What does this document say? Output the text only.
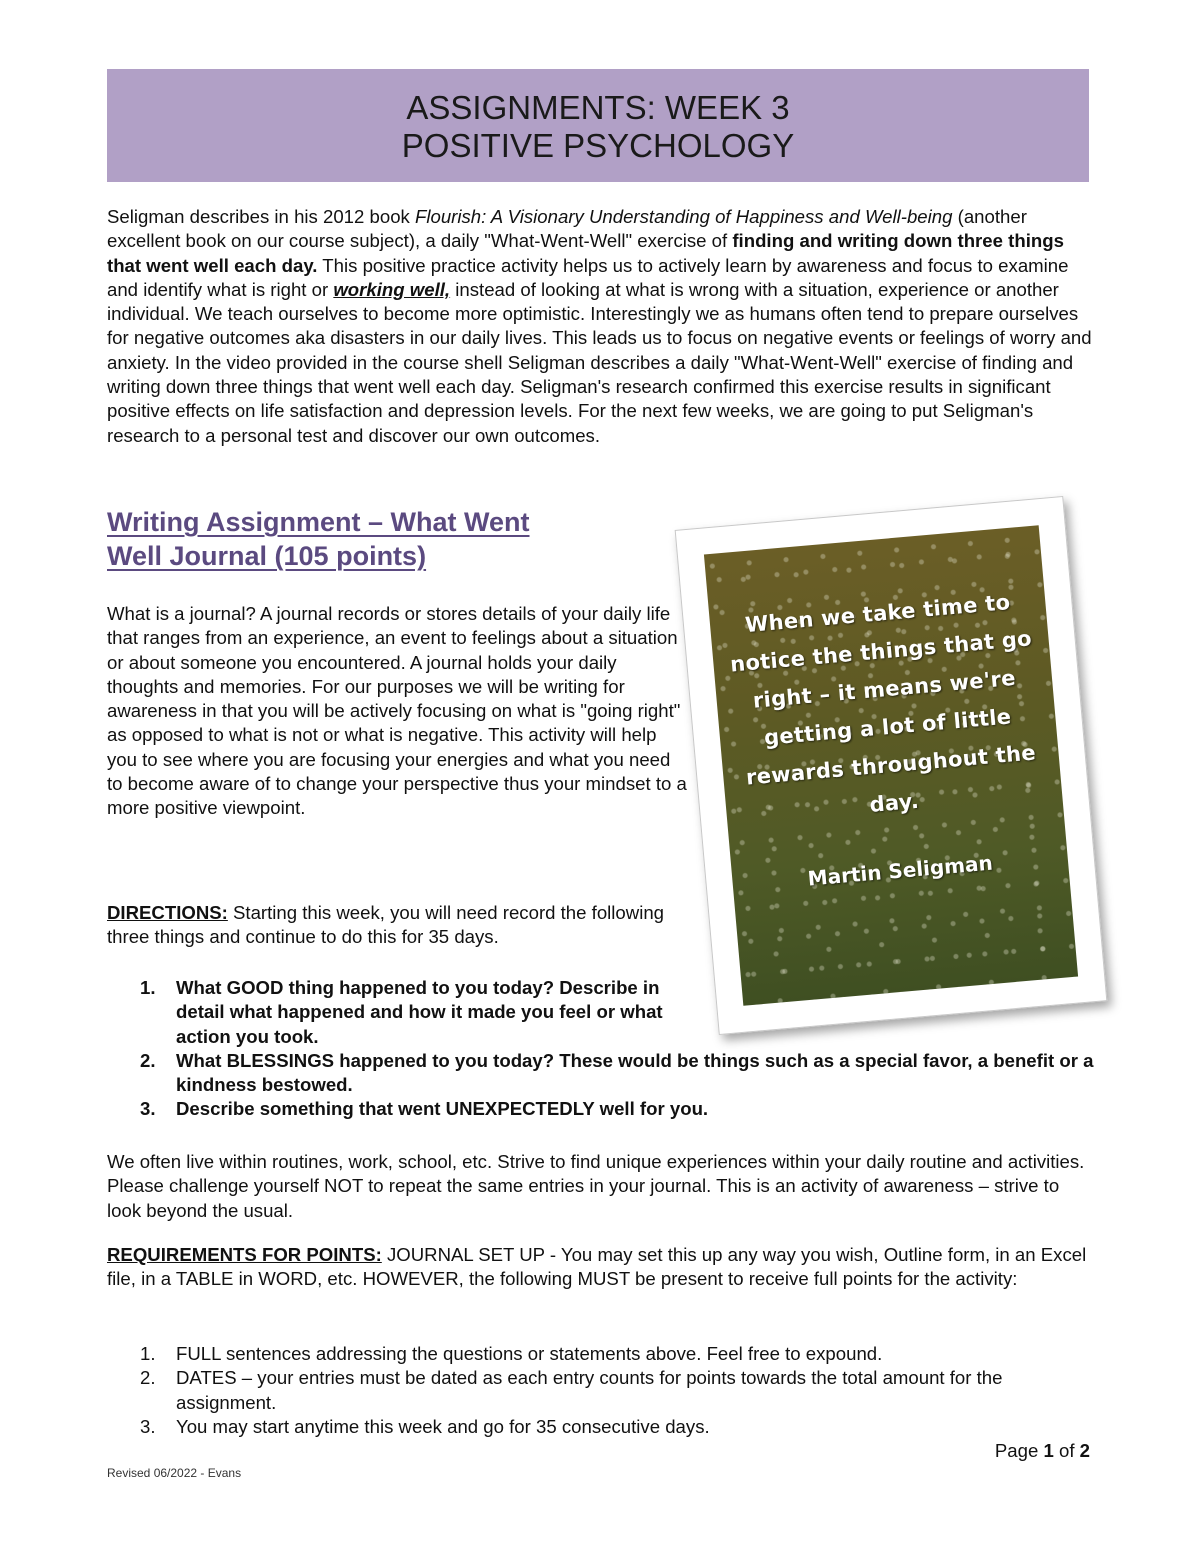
ASSIGNMENTS: WEEK 3
POSITIVE PSYCHOLOGY
Seligman describes in his 2012 book Flourish: A Visionary Understanding of Happiness and Well-being (another excellent book on our course subject), a daily "What-Went-Well" exercise of finding and writing down three things that went well each day. This positive practice activity helps us to actively learn by awareness and focus to examine and identify what is right or working well, instead of looking at what is wrong with a situation, experience or another individual. We teach ourselves to become more optimistic. Interestingly we as humans often tend to prepare ourselves for negative outcomes aka disasters in our daily lives. This leads us to focus on negative events or feelings of worry and anxiety. In the video provided in the course shell Seligman describes a daily "What-Went-Well" exercise of finding and writing down three things that went well each day. Seligman's research confirmed this exercise results in significant positive effects on life satisfaction and depression levels. For the next few weeks, we are going to put Seligman's research to a personal test and discover our own outcomes.
Writing Assignment – What Went
Well Journal (105 points)
What is a journal? A journal records or stores details of your daily life that ranges from an experience, an event to feelings about a situation or about someone you encountered. A journal holds your daily thoughts and memories. For our purposes we will be writing for awareness in that you will be actively focusing on what is "going right" as opposed to what is not or what is negative. This activity will help you to see where you are focusing your energies and what you need to become aware of to change your perspective thus your mindset to a more positive viewpoint.
DIRECTIONS: Starting this week, you will need record the following three things and continue to do this for 35 days.
1. What GOOD thing happened to you today? Describe in detail what happened and how it made you feel or what action you took.
2. What BLESSINGS happened to you today? These would be things such as a special favor, a benefit or a kindness bestowed.
3. Describe something that went UNEXPECTEDLY well for you.
We often live within routines, work, school, etc. Strive to find unique experiences within your daily routine and activities. Please challenge yourself NOT to repeat the same entries in your journal. This is an activity of awareness – strive to look beyond the usual.
REQUIREMENTS FOR POINTS: JOURNAL SET UP - You may set this up any way you wish, Outline form, in an Excel file, in a TABLE in WORD, etc. HOWEVER, the following MUST be present to receive full points for the activity:
1. FULL sentences addressing the questions or statements above. Feel free to expound.
2. DATES – your entries must be dated as each entry counts for points towards the total amount for the assignment.
3. You may start anytime this week and go for 35 consecutive days.
When we take time to notice the things that go right – it means we're getting a lot of little rewards throughout the day.
Martin Seligman
Page 1 of 2
Revised 06/2022 - Evans
